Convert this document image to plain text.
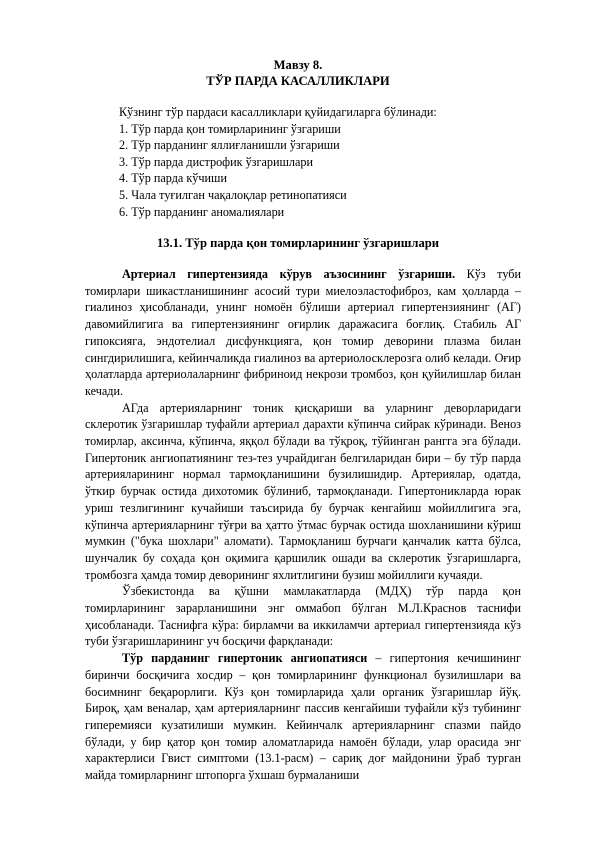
Мавзу 8.
ТЎР ПАРДА КАСАЛЛИКЛАРИ
Кўзнинг тўр пардаси касалликлари қуйидагиларга бўлинади:
1. Тўр парда қон томирларининг ўзгариши
2. Тўр парданинг яллиғланишли ўзгариши
3. Тўр парда дистрофик ўзгаришлари
4. Тўр парда кўчиши
5. Чала туғилган чақалоқлар ретинопатияси
6. Тўр парданинг аномалиялари
13.1. Тўр парда қон томирларининг ўзгаришлари

Артериал гипертензияда кўрув аъзосининг ўзгариши. Кўз туби томирлари шикастланишининг асосий тури миелоэластофиброз, кам ҳолларда – гиалиноз ҳисобланади, унинг номоён бўлиши артериал гипертензиянинг (АГ) давомийлигига ва гипертензиянинг оғирлик даражасига боғлиқ. Стабиль АГ гипоксияга, эндотелиал дисфункцияга, қон томир деворини плазма билан сингдирилишига, кейинчаликда гиалиноз ва артериолосклерозга олиб келади. Оғир ҳолатларда артериолаларнинг фибриноид некрози тромбоз, қон қуйилишлар билан кечади.

АГда артерияларнинг тоник қисқариши ва уларнинг деворларидаги склеротик ўзгаришлар туфайли артериал дарахти кўпинча сийрак кўринади. Веноз томирлар, аксинча, кўпинча, яққол бўлади ва тўқроқ, тўйинган рангга эга бўлади. Гипертоник ангиопатиянинг тез-тез учрайдиган белгиларидан бири – бу тўр парда артерияларининг нормал тармоқланишини бузилишидир. Артериялар, одатда, ўткир бурчак остида дихотомик бўлиниб, тармоқланади. Гипертоникларда юрак уриш тезлигининг кучайиши таъсирида бу бурчак кенгайиш мойиллигига эга, кўпинча артерияларнинг тўғри ва ҳатто ўтмас бурчак остида шохланишини кўриш мумкин ("бука шохлари" аломати). Тармоқланиш бурчаги қанчалик катта бўлса, шунчалик бу соҳада қон оқимига қаршилик ошади ва склеротик ўзгаришларга, тромбозга ҳамда томир деворининг яхлитлигини бузиш мойиллиги кучаяди.

Ўзбекистонда ва қўшни мамлакатларда (МДҲ) тўр парда қон томирларининг зарарланишини энг оммабоп бўлган М.Л.Краснов таснифи ҳисобланади. Таснифга кўра: бирламчи ва иккиламчи артериал гипертензияда кўз туби ўзгаришларининг уч босқичи фарқланади:

Тўр парданинг гипертоник ангиопатияси – гипертония кечишининг биринчи босқичига хосдир – қон томирларининг функционал бузилишлари ва босимнинг беқарорлиги. Кўз қон томирларида ҳали органик ўзгаришлар йўқ. Бироқ, ҳам веналар, ҳам артерияларнинг пассив кенгайиши туфайли кўз тубининг гиперемияси кузатилиши мумкин. Кейинчалк артерияларнинг спазми пайдо бўлади, у бир қатор қон томир аломатларида намоён бўлади, улар орасида энг характерлиси Гвист симптоми (13.1-расм) – сариқ доғ майдонини ўраб турган майда томирларнинг штопорга ўхшаш бурмаланиши
